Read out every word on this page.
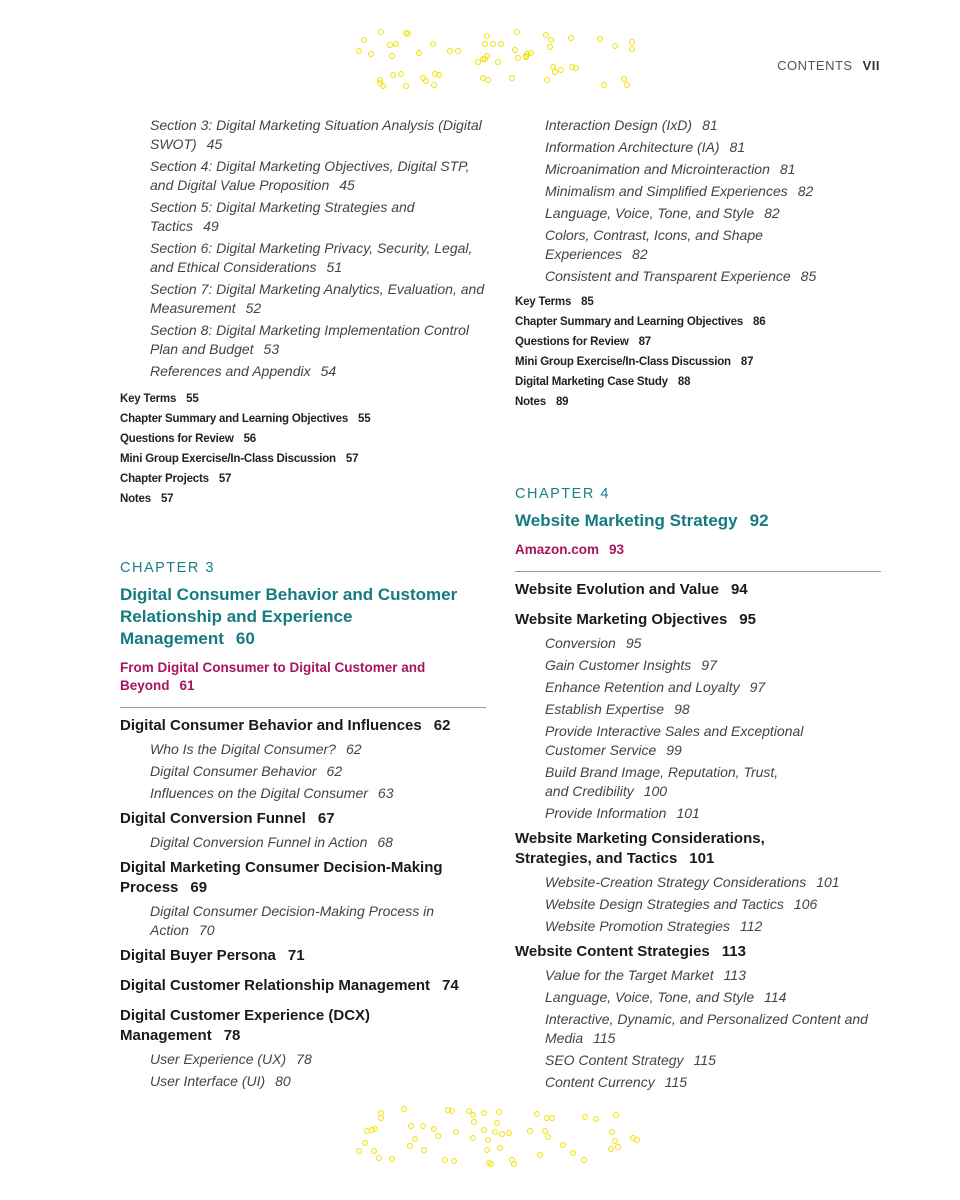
CONTENTS VII
Section 3: Digital Marketing Situation Analysis (Digital SWOT) 45
Section 4: Digital Marketing Objectives, Digital STP, and Digital Value Proposition 45
Section 5: Digital Marketing Strategies and Tactics 49
Section 6: Digital Marketing Privacy, Security, Legal, and Ethical Considerations 51
Section 7: Digital Marketing Analytics, Evaluation, and Measurement 52
Section 8: Digital Marketing Implementation Control Plan and Budget 53
References and Appendix 54
Key Terms 55
Chapter Summary and Learning Objectives 55
Questions for Review 56
Mini Group Exercise/In-Class Discussion 57
Chapter Projects 57
Notes 57
CHAPTER 3
Digital Consumer Behavior and Customer Relationship and Experience Management 60
From Digital Consumer to Digital Customer and Beyond 61
Digital Consumer Behavior and Influences 62
Who Is the Digital Consumer? 62
Digital Consumer Behavior 62
Influences on the Digital Consumer 63
Digital Conversion Funnel 67
Digital Conversion Funnel in Action 68
Digital Marketing Consumer Decision-Making Process 69
Digital Consumer Decision-Making Process in Action 70
Digital Buyer Persona 71
Digital Customer Relationship Management 74
Digital Customer Experience (DCX) Management 78
User Experience (UX) 78
User Interface (UI) 80
Interaction Design (IxD) 81
Information Architecture (IA) 81
Microanimation and Microinteraction 81
Minimalism and Simplified Experiences 82
Language, Voice, Tone, and Style 82
Colors, Contrast, Icons, and Shape Experiences 82
Consistent and Transparent Experience 85
Key Terms 85
Chapter Summary and Learning Objectives 86
Questions for Review 87
Mini Group Exercise/In-Class Discussion 87
Digital Marketing Case Study 88
Notes 89
CHAPTER 4
Website Marketing Strategy 92
Amazon.com 93
Website Evolution and Value 94
Website Marketing Objectives 95
Conversion 95
Gain Customer Insights 97
Enhance Retention and Loyalty 97
Establish Expertise 98
Provide Interactive Sales and Exceptional Customer Service 99
Build Brand Image, Reputation, Trust, and Credibility 100
Provide Information 101
Website Marketing Considerations, Strategies, and Tactics 101
Website-Creation Strategy Considerations 101
Website Design Strategies and Tactics 106
Website Promotion Strategies 112
Website Content Strategies 113
Value for the Target Market 113
Language, Voice, Tone, and Style 114
Interactive, Dynamic, and Personalized Content and Media 115
SEO Content Strategy 115
Content Currency 115
